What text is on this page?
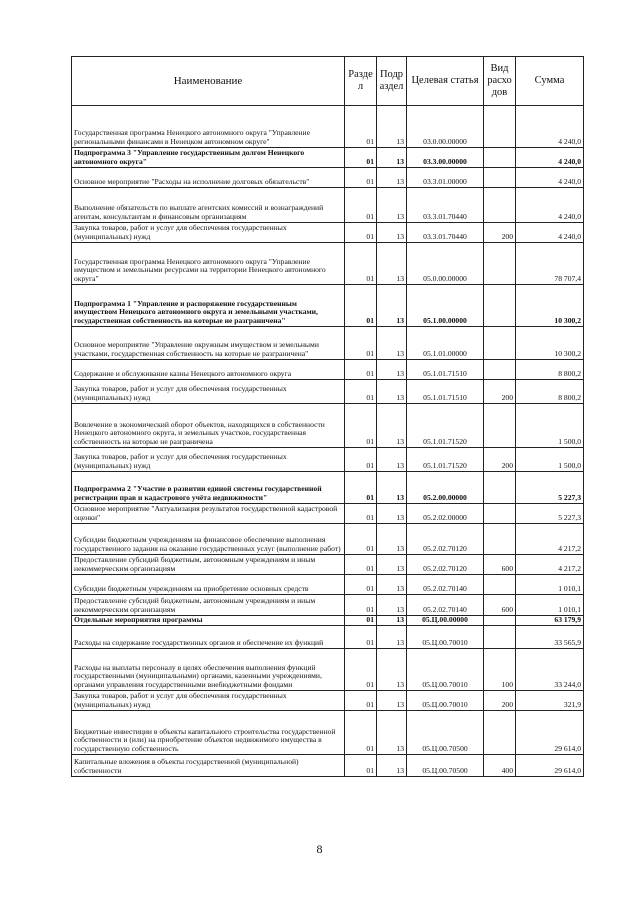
Наименование	Разде л	Подр аздел	Целевая статья	Вид расхо дов	Сумма
Государственная программа Ненецкого автономного округа "Управление региональными финансами в Ненецком автономном округе"	01	13	03.0.00.00000		4 240,0
Подпрограмма 3 "Управление государственным долгом Ненецкого автономного округа"	01	13	03.3.00.00000		4 240,0
Основное мероприятие "Расходы на исполнение долговых обязательств"	01	13	03.3.01.00000		4 240,0
Выполнение обязательств по выплате агентских комиссий и вознаграждений агентам, консультантам и финансовым организациям	01	13	03.3.01.70440		4 240,0
Закупка товаров, работ и услуг для обеспечения государственных (муниципальных) нужд	01	13	03.3.01.70440	200	4 240,0
Государственная программа Ненецкого автономного округа "Управление имуществом и земельными ресурсами на территории Ненецкого автономного округа"	01	13	05.0.00.00000		78 707,4
Подпрограмма 1 "Управление и распоряжение государственным имуществом Ненецкого автономного округа и земельными участками, государственная собственность на которые не разграничена"	01	13	05.1.00.00000		10 300,2
Основное мероприятие "Управление окружным имуществом и земельными участками, государственная собственность на которые не разграничена"	01	13	05.1.01.00000		10 300,2
Содержание и обслуживание казны Ненецкого автономного округа	01	13	05.1.01.71510		8 800,2
Закупка товаров, работ и услуг для обеспечения государственных (муниципальных) нужд	01	13	05.1.01.71510	200	8 800,2
Вовлечение в экономический оборот объектов, находящихся в собственности Ненецкого автономного округа, и земельных участков, государственная собственность на которые не разграничена	01	13	05.1.01.71520		1 500,0
Закупка товаров, работ и услуг для обеспечения государственных (муниципальных) нужд	01	13	05.1.01.71520	200	1 500,0
Подпрограмма 2 "Участие в развитии единой системы государственной регистрации прав и кадастрового учёта недвижимости"	01	13	05.2.00.00000		5 227,3
Основное мероприятие "Актуализация результатов государственной кадастровой оценки"	01	13	05.2.02.00000		5 227,3
Субсидии бюджетным учреждениям на финансовое обеспечение выполнения государственного задания на оказание государственных услуг (выполнение работ)	01	13	05.2.02.70120		4 217,2
Предоставление субсидий бюджетным, автономным учреждениям и иным некоммерческим организациям	01	13	05.2.02.70120	600	4 217,2
Субсидии бюджетным учреждениям на приобретение основных средств	01	13	05.2.02.70140		1 010,1
Предоставление субсидий бюджетным, автономным учреждениям и иным некоммерческим организациям	01	13	05.2.02.70140	600	1 010,1
Отдельные мероприятия программы	01	13	05.Ц.00.00000		63 179,9
Расходы на содержание государственных органов и обеспечение их функций	01	13	05.Ц.00.70010		33 565,9
Расходы на выплаты персоналу в целях обеспечения выполнения функций государственными (муниципальными) органами, казенными учреждениями, органами управления государственными внебюджетными фондами	01	13	05.Ц.00.70010	100	33 244,0
Закупка товаров, работ и услуг для обеспечения государственных (муниципальных) нужд	01	13	05.Ц.00.70010	200	321,9
Бюджетные инвестиции в объекты капитального строительства государственной собственности и (или) на приобретение объектов недвижимого имущества в государственную собственность	01	13	05.Ц.00.70500		29 614,0
Капитальные вложения в объекты государственной (муниципальной) собственности	01	13	05.Ц.00.70500	400	29 614,0
8
